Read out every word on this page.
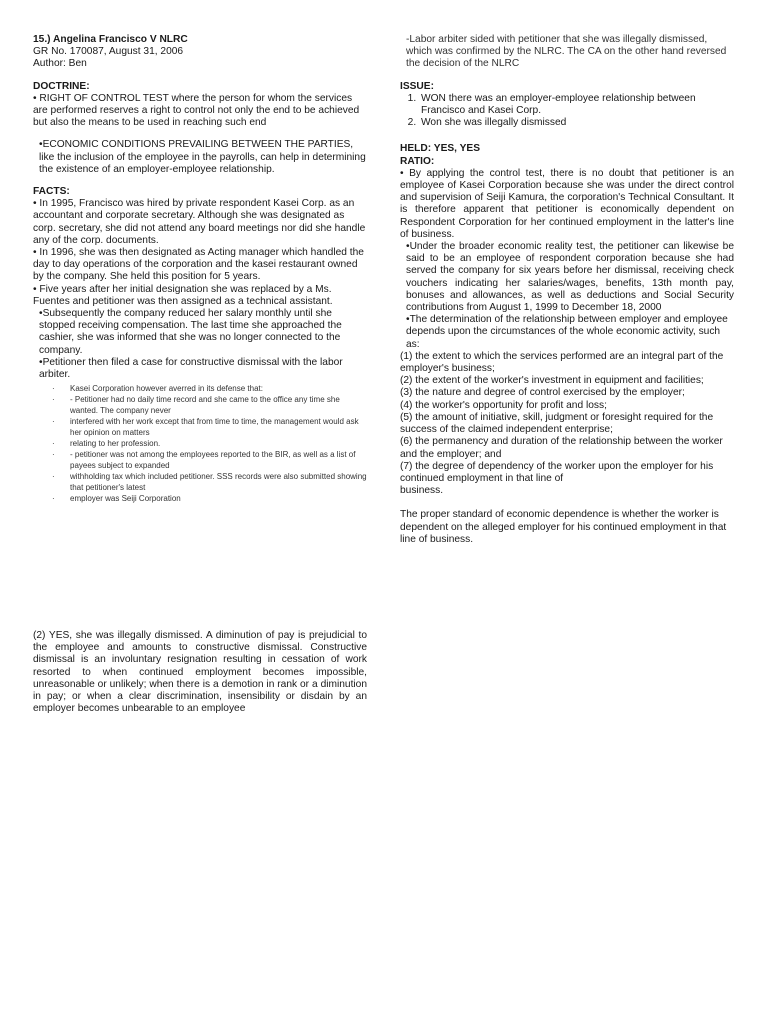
15.) Angelina Francisco V NLRC

GR No. 170087, August 31, 2006

Author: Ben

DOCTRINE:

• RIGHT OF CONTROL TEST where the person for whom the services are performed reserves a right to control not only the end to be achieved but also the means to be used in reaching such end

•ECONOMIC CONDITIONS PREVAILING BETWEEN THE PARTIES, like the inclusion of the employee in the payrolls, can help in determining the existence of an employer-employee relationship.

FACTS:

• In 1995, Francisco was hired by private respondent Kasei Corp. as an accountant and corporate secretary. Although she was designated as corp. secretary, she did not attend any board meetings nor did she handle any of the corp. documents.

• In 1996, she was then designated as Acting manager which handled the day to day operations of the corporation and the kasei restaurant owned by the company. She held this position for 5 years.

• Five years after her initial designation she was replaced by a Ms. Fuentes and petitioner was then assigned as a technical assistant.

•Subsequently the company reduced her salary monthly until she stopped receiving compensation. The last time she approached the cashier, she was informed that she was no longer connected to the company.

•Petitioner then filed a case for constructive dismissal with the labor arbiter.

· Kasei Corporation however averred in its defense that:
· - Petitioner had no daily time record and she came to the office any time she wanted. The company never
· interfered with her work except that from time to time, the management would ask her opinion on matters
· relating to her profession.
· - petitioner was not among the employees reported to the BIR, as well as a list of payees subject to expanded
· withholding tax which included petitioner. SSS records were also submitted showing that petitioner's latest
· employer was Seiji Corporation

(2) YES, she was illegally dismissed. A diminution of pay is prejudicial to the employee and amounts to constructive dismissal. Constructive dismissal is an involuntary resignation resulting in cessation of work resorted to when continued employment becomes impossible, unreasonable or unlikely; when there is a demotion in rank or a diminution in pay; or when a clear discrimination, insensibility or disdain by an employer becomes unbearable to an employee

-Labor arbiter sided with petitioner that she was illegally dismissed, which was confirmed by the NLRC. The CA on the other hand reversed the decision of the NLRC

ISSUE:

1. WON there was an employer-employee relationship between Francisco and Kasei Corp.
2. Won she was illegally dismissed

HELD: YES, YES

RATIO:

• By applying the control test, there is no doubt that petitioner is an employee of Kasei Corporation because she was under the direct control and supervision of Seiji Kamura, the corporation's Technical Consultant. It is therefore apparent that petitioner is economically dependent on Respondent Corporation for her continued employment in the latter's line of business.

•Under the broader economic reality test, the petitioner can likewise be said to be an employee of respondent corporation because she had served the company for six years before her dismissal, receiving check vouchers indicating her salaries/wages, benefits, 13th month pay, bonuses and allowances, as well as deductions and Social Security contributions from August 1, 1999 to December 18, 2000

•The determination of the relationship between employer and employee depends upon the circumstances of the whole economic activity, such as:

(1) the extent to which the services performed are an integral part of the employer's business;

(2) the extent of the worker's investment in equipment and facilities;

(3) the nature and degree of control exercised by the employer;

(4) the worker's opportunity for profit and loss;

(5) the amount of initiative, skill, judgment or foresight required for the success of the claimed independent enterprise;

(6) the permanency and duration of the relationship between the worker and the employer; and

(7) the degree of dependency of the worker upon the employer for his continued employment in that line of

business.

The proper standard of economic dependence is whether the worker is dependent on the alleged employer for his continued employment in that line of business.
